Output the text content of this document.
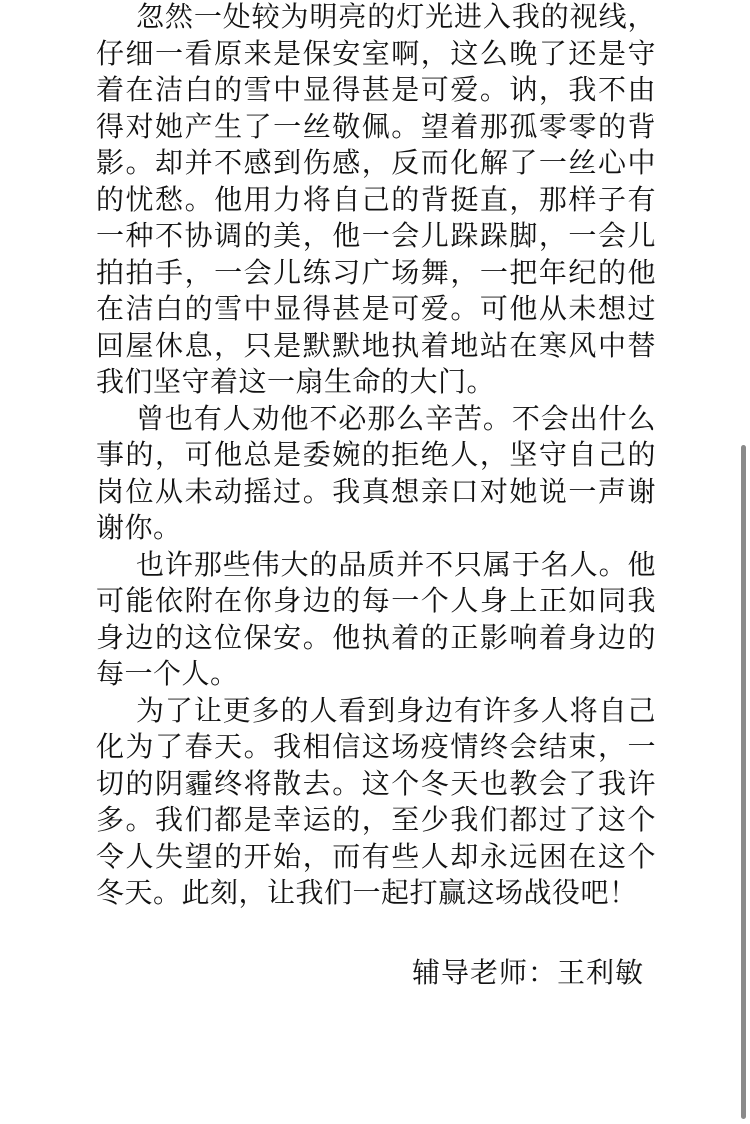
忽然一处较为明亮的灯光进入我的视线，仔细一看原来是保安室啊，这么晚了还是守着在洁白的雪中显得甚是可爱。讷，我不由得对她产生了一丝敬佩。望着那孤零零的背影。却并不感到伤感，反而化解了一丝心中的忧愁。他用力将自己的背挺直，那样子有一种不协调的美，他一会儿跺跺脚，一会儿拍拍手，一会儿练习广场舞，一把年纪的他在洁白的雪中显得甚是可爱。可他从未想过回屋休息，只是默默地执着地站在寒风中替我们坚守着这一扇生命的大门。

曾也有人劝他不必那么辛苦。不会出什么事的，可他总是委婉的拒绝人，坚守自己的岗位从未动摇过。我真想亲口对她说一声谢谢你。

也许那些伟大的品质并不只属于名人。他可能依附在你身边的每一个人身上正如同我身边的这位保安。他执着的正影响着身边的每一个人。

为了让更多的人看到身边有许多人将自己化为了春天。我相信这场疫情终会结束，一切的阴霾终将散去。这个冬天也教会了我许多。我们都是幸运的，至少我们都过了这个令人失望的开始，而有些人却永远困在这个冬天。此刻，让我们一起打赢这场战役吧！

辅导老师：王利敏
